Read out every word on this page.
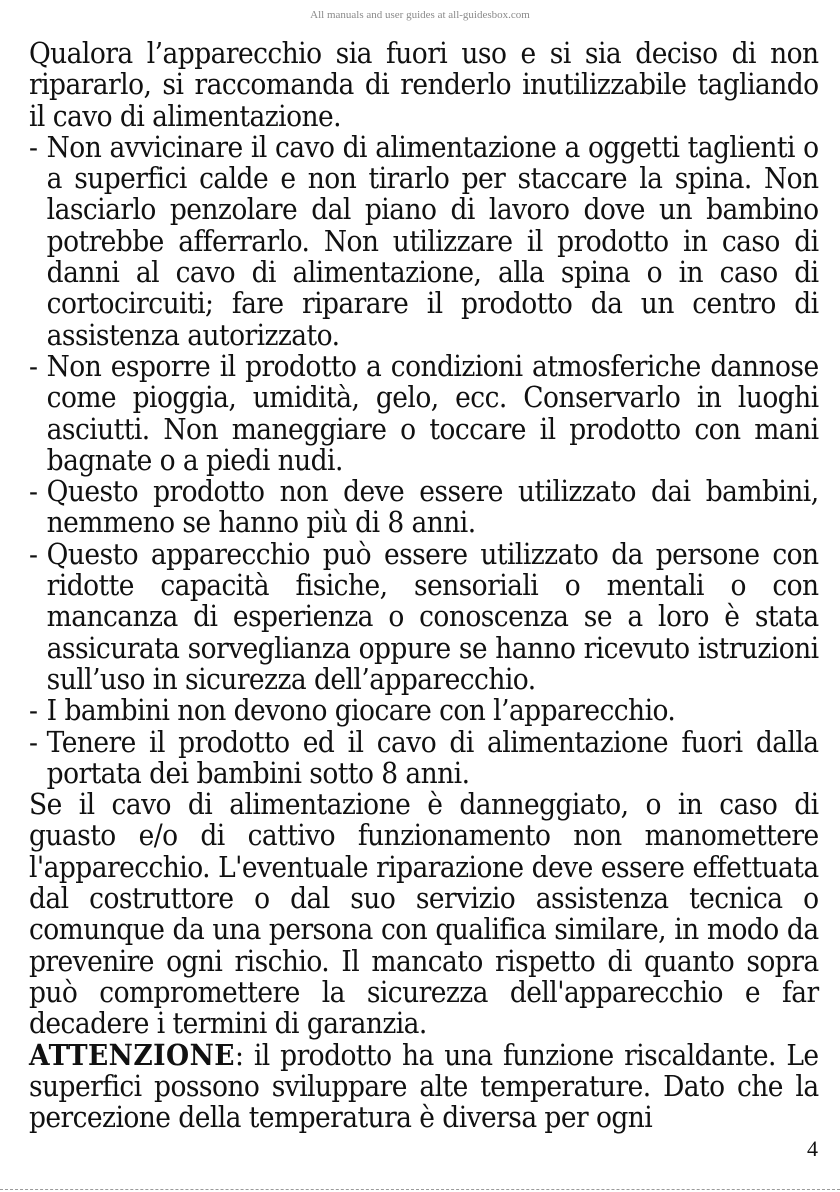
All manuals and user guides at all-guidesbox.com

Qualora l’apparecchio sia fuori uso e si sia deciso di non ripararlo, si raccomanda di renderlo inutilizzabile tagliando il cavo di alimentazione.

- Non avvicinare il cavo di alimentazione a oggetti taglienti o a superfici calde e non tirarlo per staccare la spina. Non lasciarlo penzolare dal piano di lavoro dove un bambino potrebbe afferrarlo. Non utilizzare il prodotto in caso di danni al cavo di alimentazione, alla spina o in caso di cortocircuiti; fare riparare il prodotto da un centro di assistenza autorizzato.
- Non esporre il prodotto a condizioni atmosferiche dannose come pioggia, umidità, gelo, ecc. Conservarlo in luoghi asciutti. Non maneggiare o toccare il prodotto con mani bagnate o a piedi nudi.
- Questo prodotto non deve essere utilizzato dai bambini, nemmeno se hanno più di 8 anni.
- Questo apparecchio può essere utilizzato da persone con ridotte capacità fisiche, sensoriali o mentali o con mancanza di esperienza o conoscenza se a loro è stata assicurata sorveglianza oppure se hanno ricevuto istruzioni sull’uso in sicurezza dell’apparecchio.
- I bambini non devono giocare con l’apparecchio.
- Tenere il prodotto ed il cavo di alimentazione fuori dalla portata dei bambini sotto 8 anni.

Se il cavo di alimentazione è danneggiato, o in caso di guasto e/o di cattivo funzionamento non manomettere l'apparecchio. L'eventuale riparazione deve essere effettuata dal costruttore o dal suo servizio assistenza tecnica o comunque da una persona con qualifica similare, in modo da prevenire ogni rischio. Il mancato rispetto di quanto sopra può compromettere la sicurezza dell'apparecchio e far decadere i termini di garanzia.

ATTENZIONE: il prodotto ha una funzione riscaldante. Le superfici possono sviluppare alte temperature. Dato che la percezione della temperatura è diversa per ogni

4
